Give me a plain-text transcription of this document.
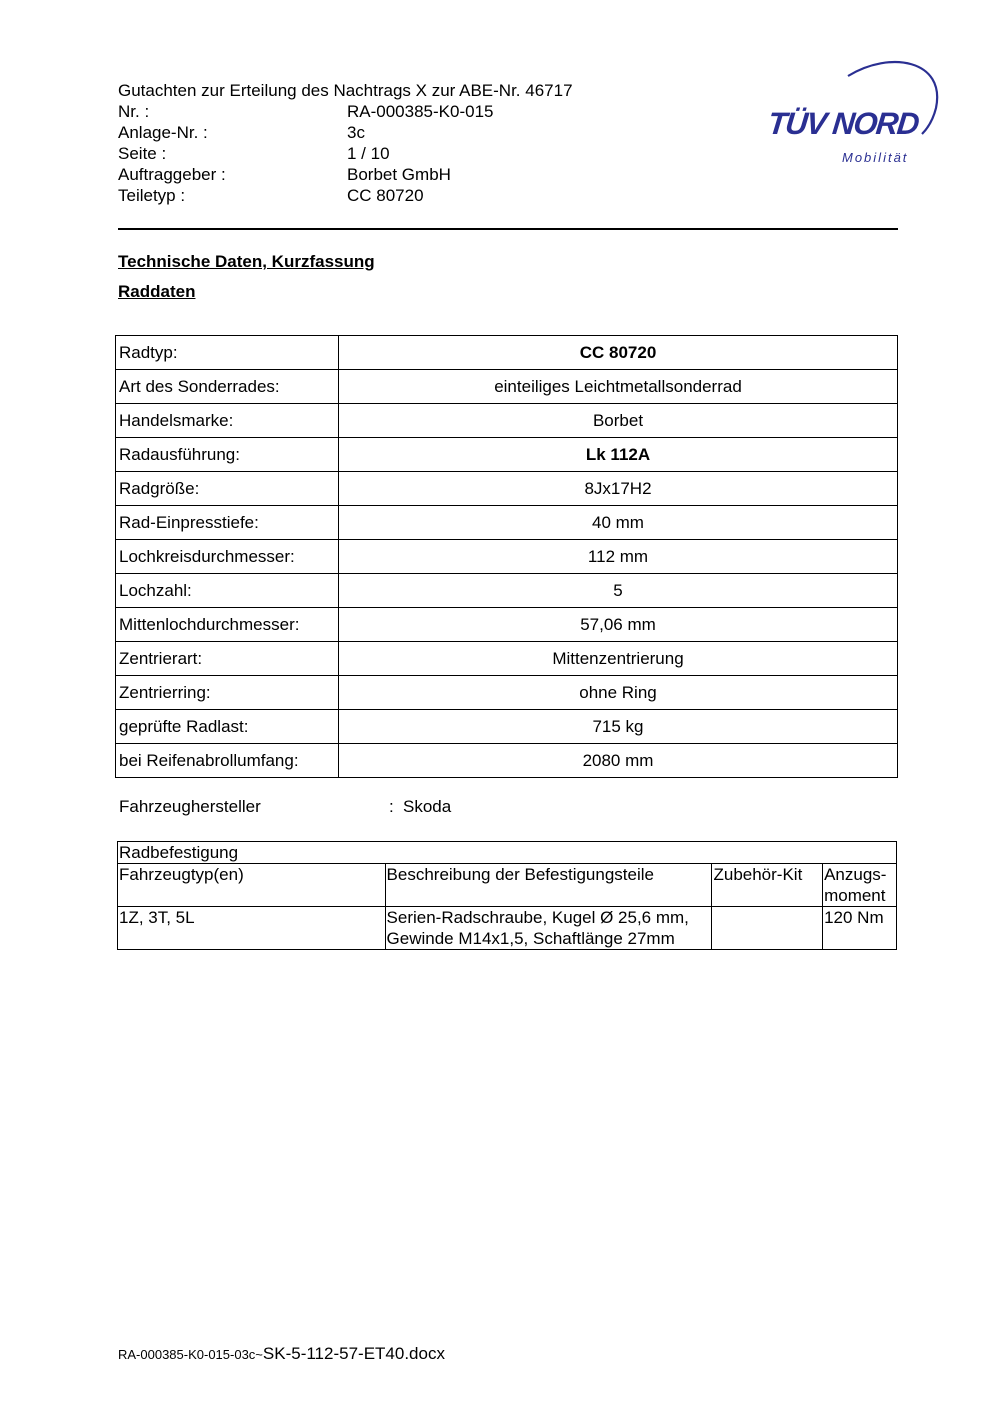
Gutachten zur Erteilung des Nachtrags X zur ABE-Nr. 46717
Nr. :	RA-000385-K0-015
Anlage-Nr. :	3c
Seite :	1 / 10
Auftraggeber :	Borbet GmbH
Teiletyp :	CC 80720
TÜV NORD
Mobilität
Technische Daten, Kurzfassung
Raddaten
Radtyp:	CC 80720
Art des Sonderrades:	einteiliges Leichtmetallsonderrad
Handelsmarke:	Borbet
Radausführung:	Lk 112A
Radgröße:	8Jx17H2
Rad-Einpresstiefe:	40 mm
Lochkreisdurchmesser:	112 mm
Lochzahl:	5
Mittenlochdurchmesser:	57,06 mm
Zentrierart:	Mittenzentrierung
Zentrierring:	ohne Ring
geprüfte Radlast:	715 kg
bei Reifenabrollumfang:	2080 mm
Fahrzeughersteller	: Skoda
Radbefestigung			
Fahrzeugtyp(en)	Beschreibung der Befestigungsteile	Zubehör-Kit	Anzugs-
moment

1Z, 3T, 5L	Serien-Radschraube, Kugel Ø 25,6 mm,
Gewinde M14x1,5, Schaftlänge 27mm		120 Nm
RA-000385-K0-015-03c~SK-5-112-57-ET40.docx
